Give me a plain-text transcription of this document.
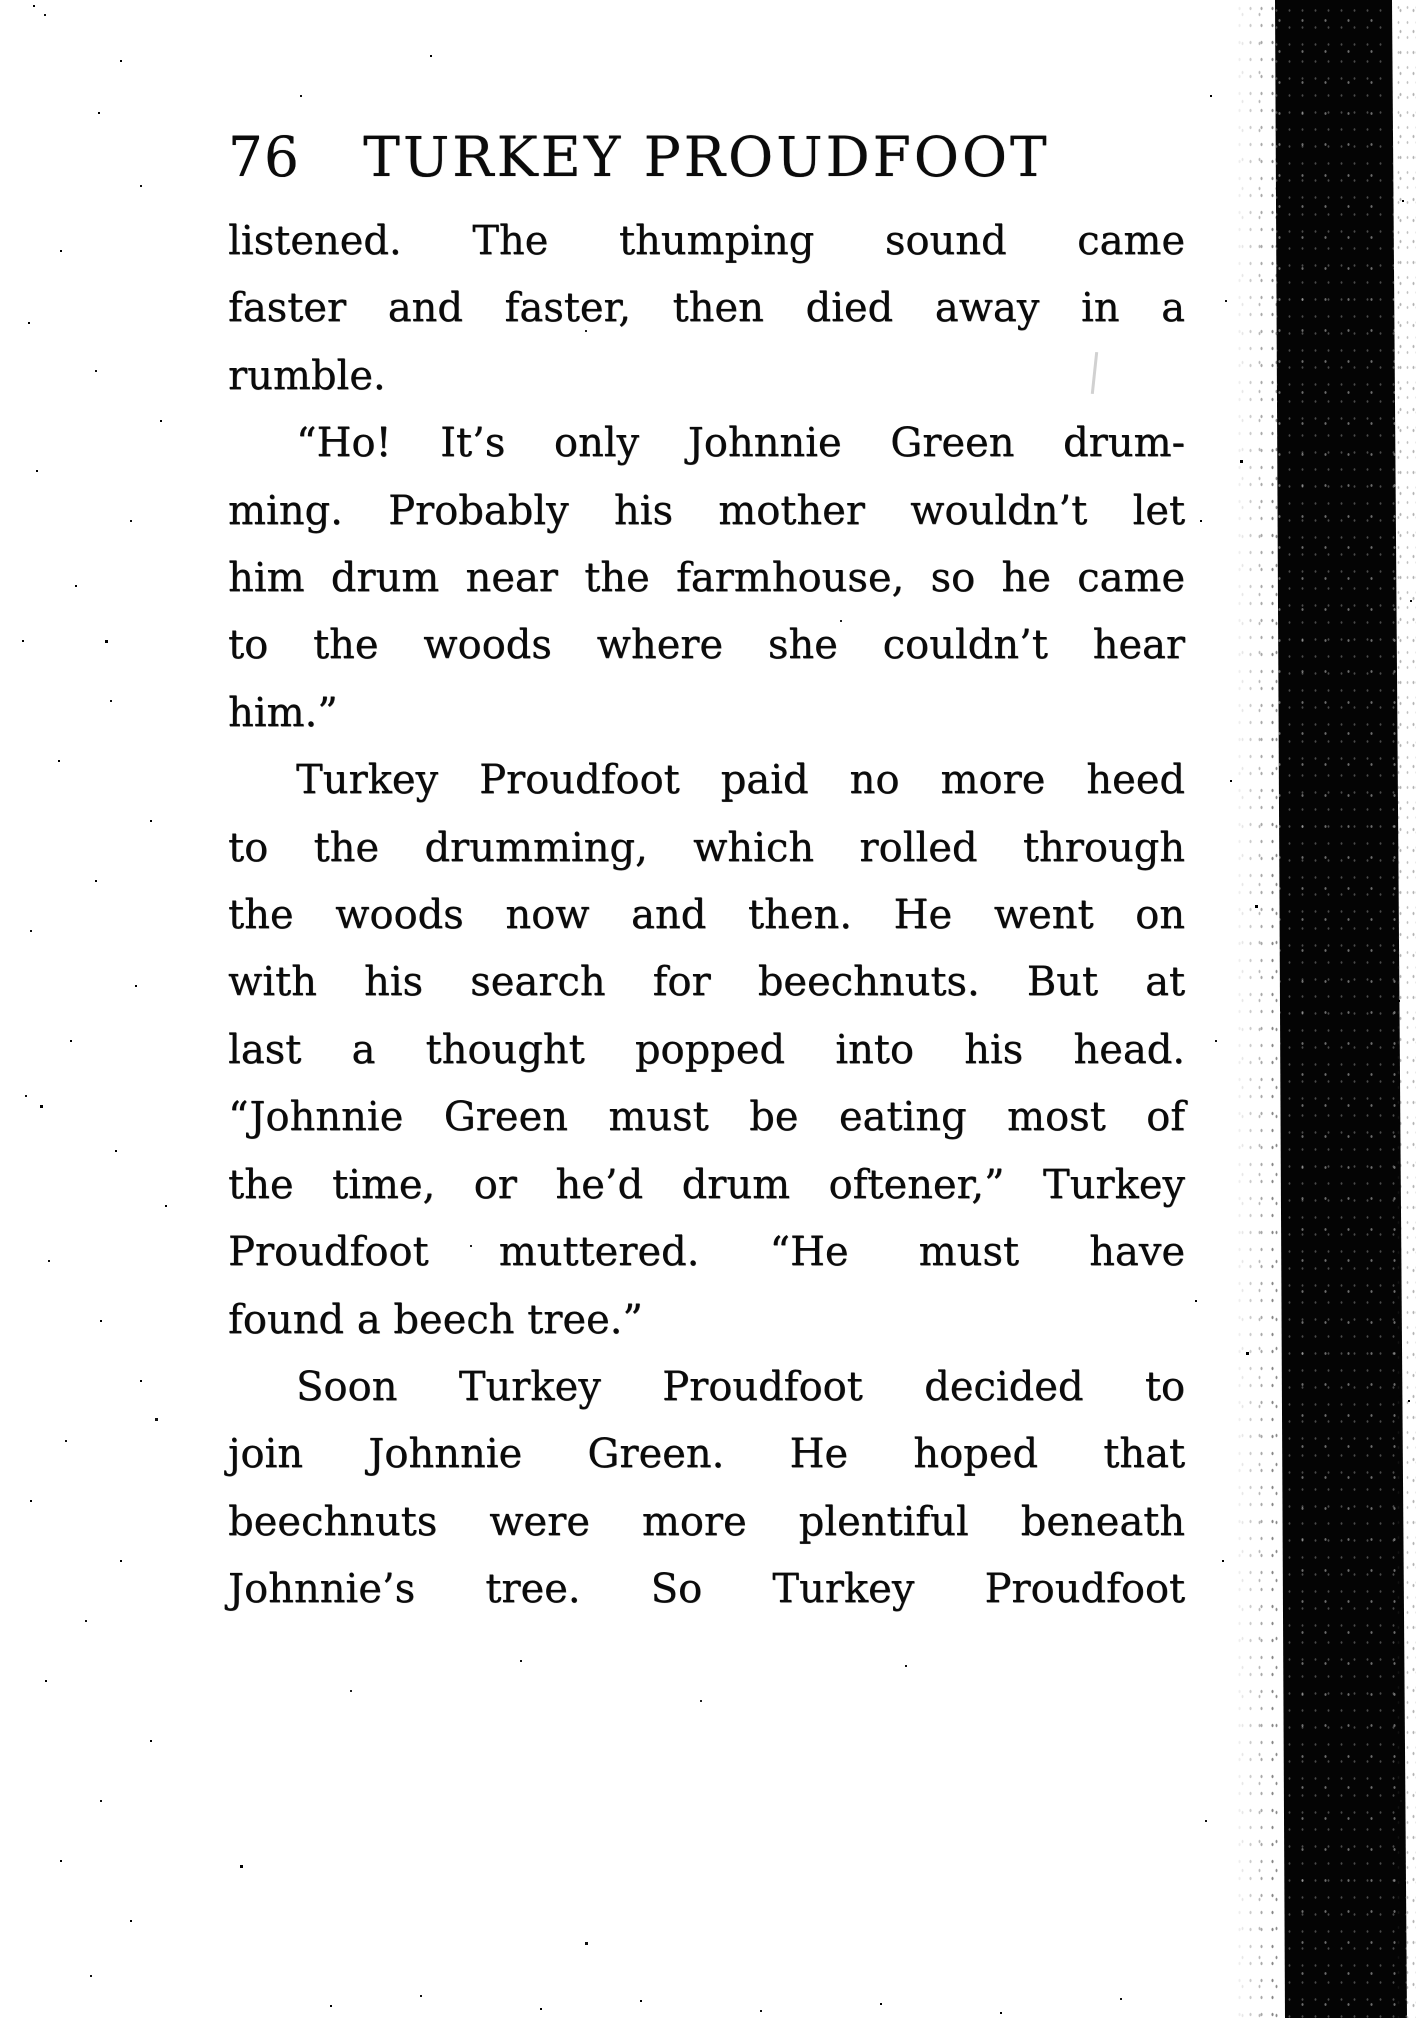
76	TURKEY PROUDFOOT
listened. The thumping sound came
faster and faster, then died away in a
rumble.
“Ho! It’s only Johnnie Green drum-
ming. Probably his mother wouldn’t let
him drum near the farmhouse, so he came
to the woods where she couldn’t hear
him.”
Turkey Proudfoot paid no more heed
to the drumming, which rolled through
the woods now and then. He went on
with his search for beechnuts. But at
last a thought popped into his head.
“Johnnie Green must be eating most of
the time, or he’d drum oftener,” Turkey
Proudfoot muttered. “He must have
found a beech tree.”
Soon Turkey Proudfoot decided to
join Johnnie Green. He hoped that
beechnuts were more plentiful beneath
Johnnie’s tree. So Turkey Proudfoot
